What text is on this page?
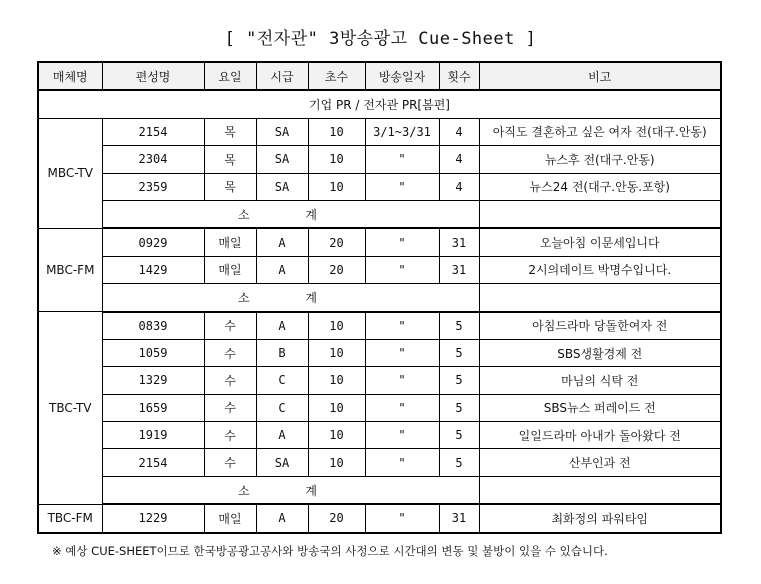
[ "전자관" 3방송광고 Cue-Sheet ]
매체명	편성명	요일	시급	초수	방송일자	횟수	비고
기업 PR / 전자관 PR[봄편]							
MBC-TV	2154	목	SA	10	3/1~3/31	4	아직도 결혼하고 싶은 여자 전(대구.안동)
	2304	목	SA	10	"	4	뉴스후 전(대구.안동)
	2359	목	SA	10	"	4	뉴스24 전(대구.안동.포항)
	소 계						
MBC-FM	0929	매일	A	20	"	31	오늘아침 이문세입니다
	1429	매일	A	20	"	31	2시의데이트 박명수입니다.
	소 계						
TBC-TV	0839	수	A	10	"	5	아침드라마 당돌한여자 전
	1059	수	B	10	"	5	SBS생활경제 전
	1329	수	C	10	"	5	마님의 식탁 전
	1659	수	C	10	"	5	SBS뉴스 퍼레이드 전
	1919	수	A	10	"	5	일일드라마 아내가 돌아왔다 전
	2154	수	SA	10	"	5	산부인과 전
	소 계						
TBC-FM	1229	매일	A	20	"	31	최화정의 파워타임
※ 예상 CUE-SHEET이므로 한국방공광고공사와 방송국의 사정으로 시간대의 변동 및 불방이 있을 수 있습니다.
